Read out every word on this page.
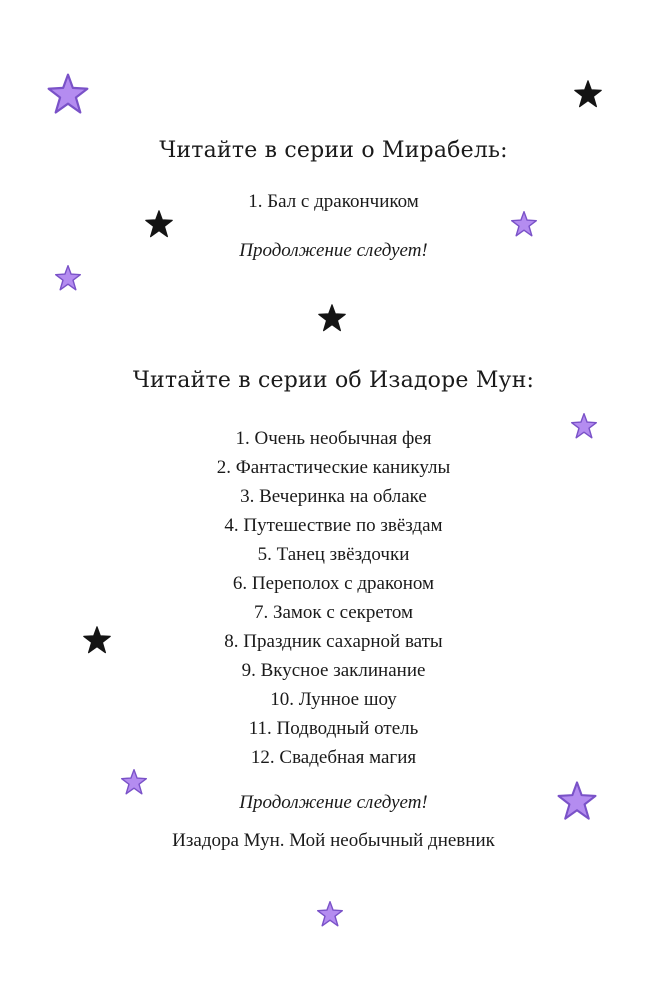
Читайте в серии о Мирабель:

1. Бал с дракончиком

Продолжение следует!

Читайте в серии об Изадоре Мун:
1. Очень необычная фея
2. Фантастические каникулы
3. Вечеринка на облаке
4. Путешествие по звёздам
5. Танец звёздочки
6. Переполох с драконом
7. Замок с секретом
8. Праздник сахарной ваты
9. Вкусное заклинание
10. Лунное шоу
11. Подводный отель
12. Свадебная магия

Продолжение следует!

Изадора Мун. Мой необычный дневник
